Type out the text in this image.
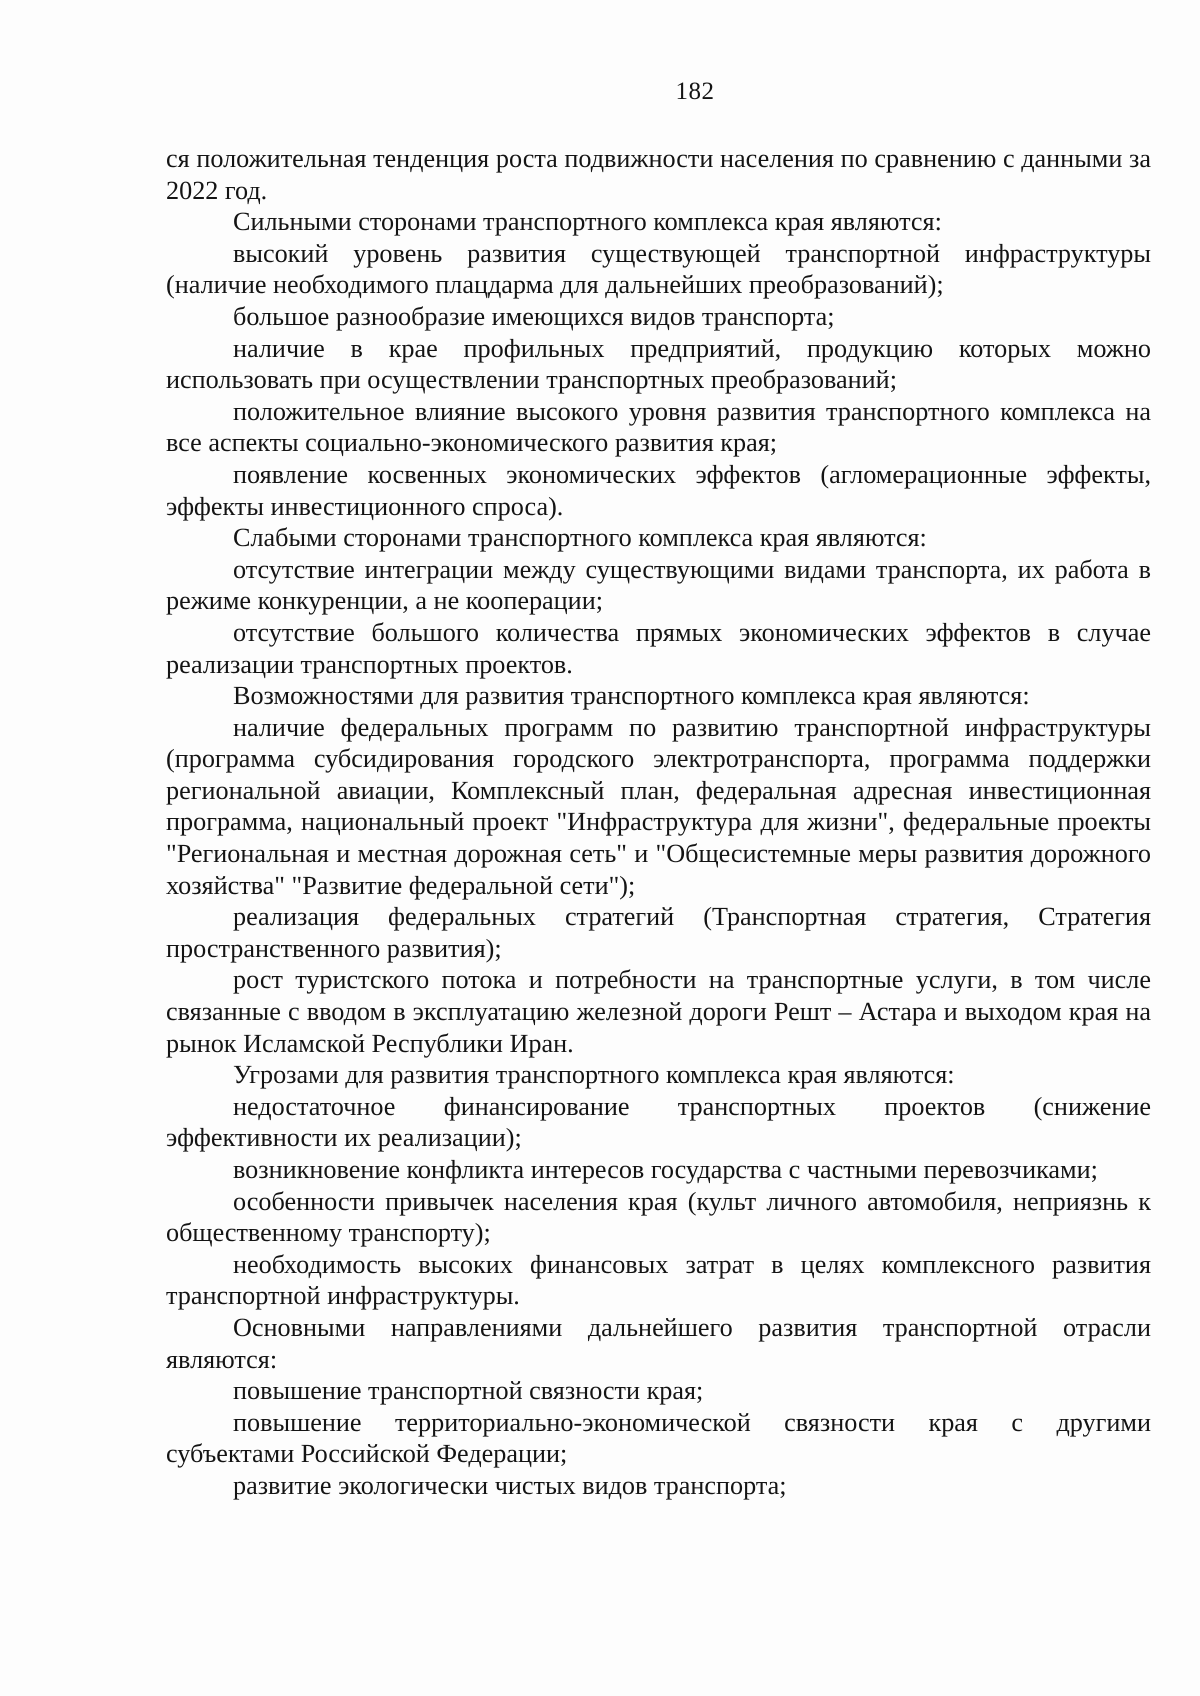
182

ся положительная тенденция роста подвижности населения по сравнению с данными за 2022 год.

Сильными сторонами транспортного комплекса края являются:

высокий уровень развития существующей транспортной инфраструктуры (наличие необходимого плацдарма для дальнейших преобразований);

большое разнообразие имеющихся видов транспорта;

наличие в крае профильных предприятий, продукцию которых можно использовать при осуществлении транспортных преобразований;

положительное влияние высокого уровня развития транспортного комплекса на все аспекты социально-экономического развития края;

появление косвенных экономических эффектов (агломерационные эффекты, эффекты инвестиционного спроса).

Слабыми сторонами транспортного комплекса края являются:

отсутствие интеграции между существующими видами транспорта, их работа в режиме конкуренции, а не кооперации;

отсутствие большого количества прямых экономических эффектов в случае реализации транспортных проектов.

Возможностями для развития транспортного комплекса края являются:

наличие федеральных программ по развитию транспортной инфраструктуры (программа субсидирования городского электротранспорта, программа поддержки региональной авиации, Комплексный план, федеральная адресная инвестиционная программа, национальный проект "Инфраструктура для жизни", федеральные проекты "Региональная и местная дорожная сеть" и "Общесистемные меры развития дорожного хозяйства" "Развитие федеральной сети");

реализация федеральных стратегий (Транспортная стратегия, Стратегия пространственного развития);

рост туристского потока и потребности на транспортные услуги, в том числе связанные с вводом в эксплуатацию железной дороги Решт – Астара и выходом края на рынок Исламской Республики Иран.

Угрозами для развития транспортного комплекса края являются:

недостаточное финансирование транспортных проектов (снижение эффективности их реализации);

возникновение конфликта интересов государства с частными перевозчиками;

особенности привычек населения края (культ личного автомобиля, неприязнь к общественному транспорту);

необходимость высоких финансовых затрат в целях комплексного развития транспортной инфраструктуры.

Основными направлениями дальнейшего развития транспортной отрасли являются:

повышение транспортной связности края;

повышение территориально-экономической связности края с другими субъектами Российской Федерации;

развитие экологически чистых видов транспорта;
